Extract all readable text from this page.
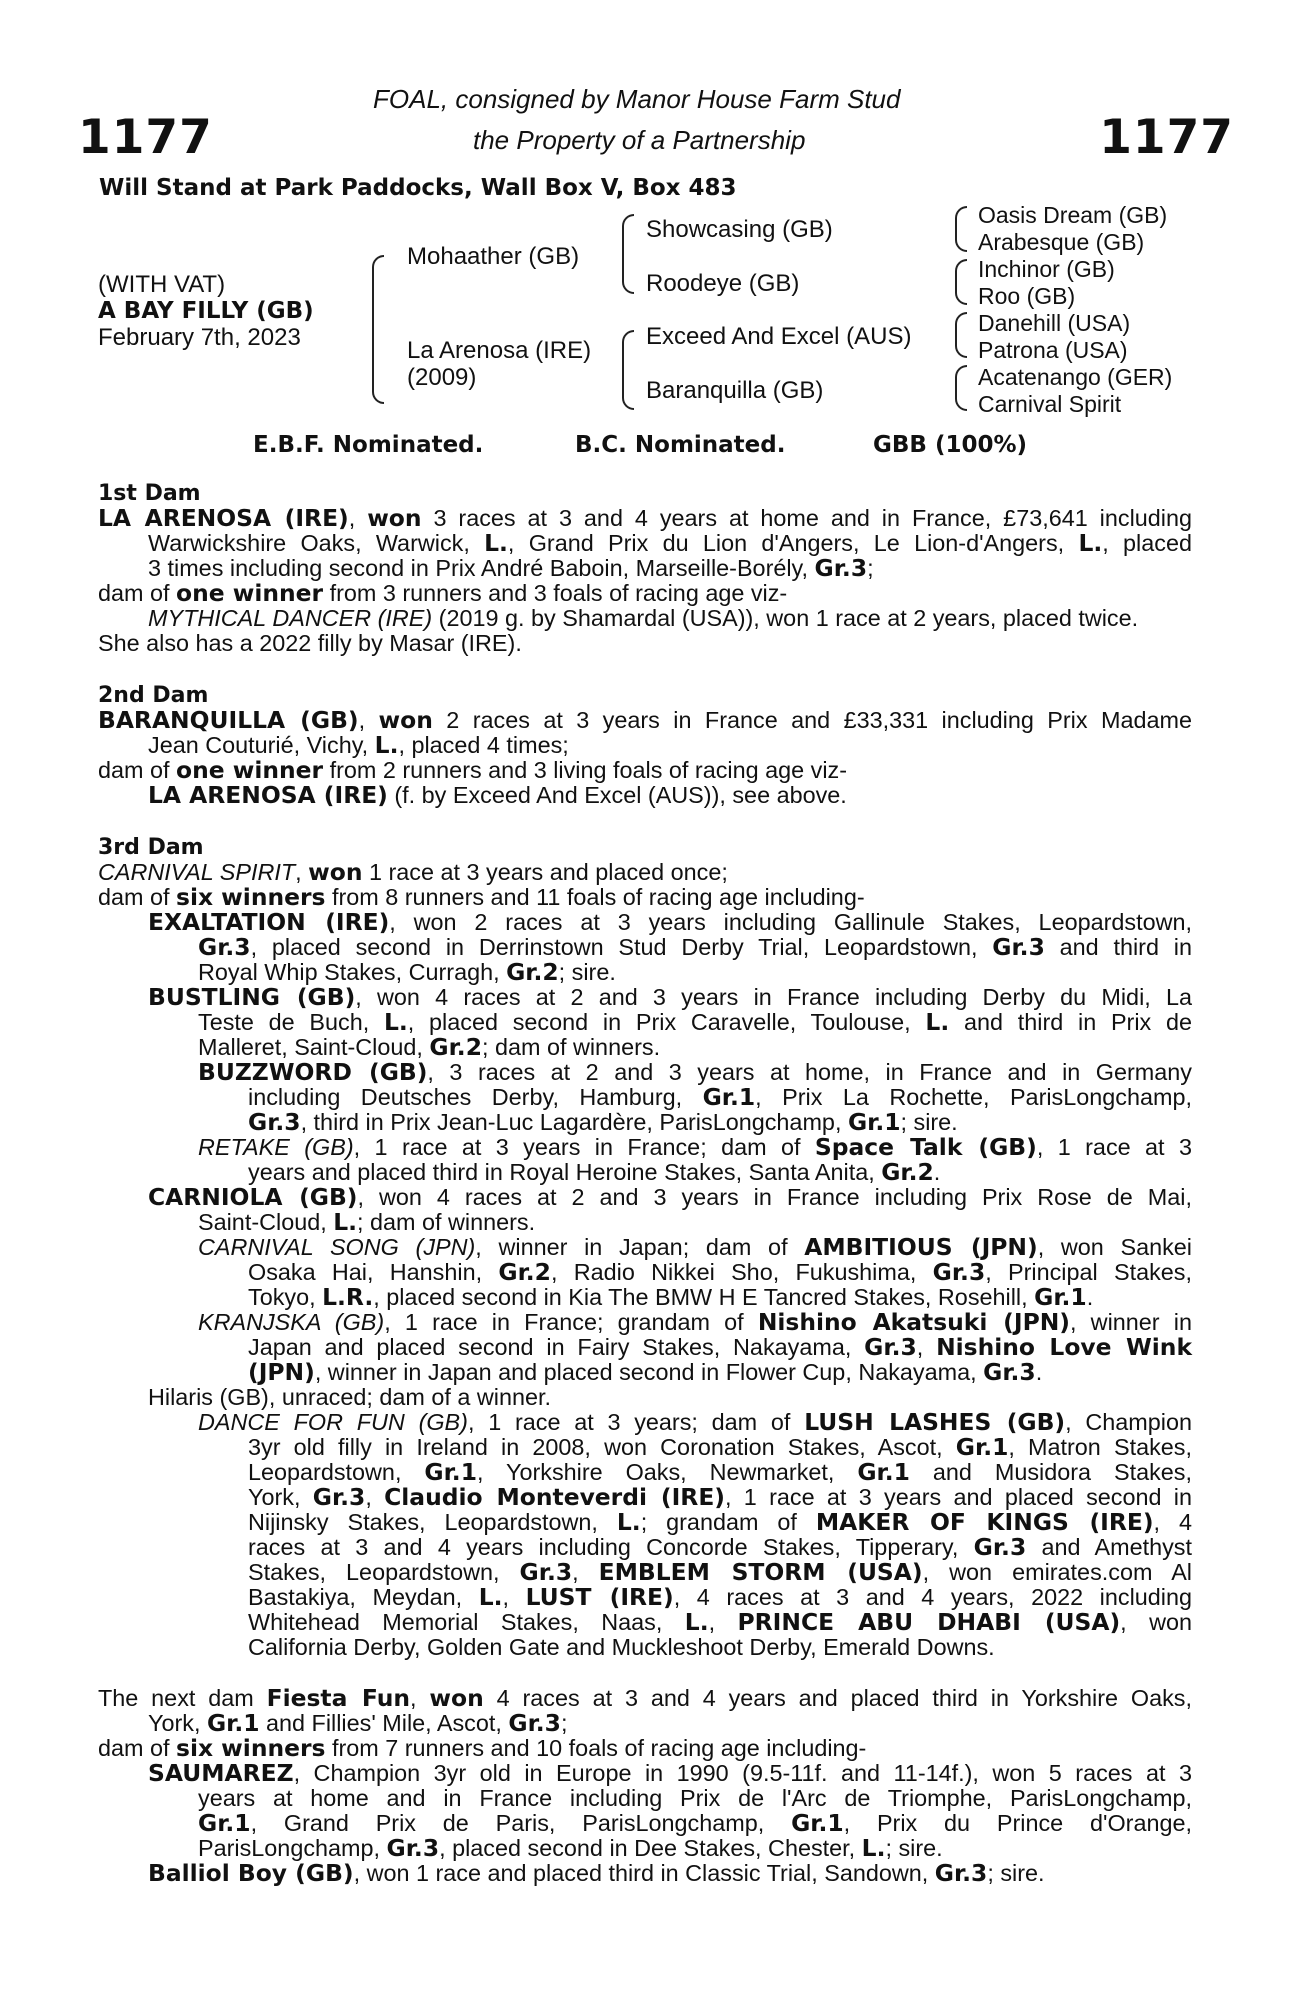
1177	1177
FOAL, consigned by Manor House Farm Stud
the Property of a Partnership
Will Stand at Park Paddocks, Wall Box V, Box 483
(WITH VAT)
A BAY FILLY (GB)
February 7th, 2023
Mohaather (GB)
La Arenosa (IRE)
(2009)
Showcasing (GB)
Roodeye (GB)
Exceed And Excel (AUS)
Baranquilla (GB)
Oasis Dream (GB)
Arabesque (GB)
Inchinor (GB)
Roo (GB)
Danehill (USA)
Patrona (USA)
Acatenango (GER)
Carnival Spirit
E.B.F. Nominated.	B.C. Nominated.	GBB (100%)
1st Dam
LA ARENOSA (IRE), won 3 races at 3 and 4 years at home and in France, £73,641 including
Warwickshire Oaks, Warwick, L., Grand Prix du Lion d'Angers, Le Lion-d'Angers, L., placed
3 times including second in Prix André Baboin, Marseille-Borély, Gr.3;
dam of one winner from 3 runners and 3 foals of racing age viz-
MYTHICAL DANCER (IRE) (2019 g. by Shamardal (USA)), won 1 race at 2 years, placed twice.
She also has a 2022 filly by Masar (IRE).
2nd Dam
BARANQUILLA (GB), won 2 races at 3 years in France and £33,331 including Prix Madame
Jean Couturié, Vichy, L., placed 4 times;
dam of one winner from 2 runners and 3 living foals of racing age viz-
LA ARENOSA (IRE) (f. by Exceed And Excel (AUS)), see above.
3rd Dam
CARNIVAL SPIRIT, won 1 race at 3 years and placed once;
dam of six winners from 8 runners and 11 foals of racing age including-
EXALTATION (IRE), won 2 races at 3 years including Gallinule Stakes, Leopardstown,
Gr.3, placed second in Derrinstown Stud Derby Trial, Leopardstown, Gr.3 and third in
Royal Whip Stakes, Curragh, Gr.2; sire.
BUSTLING (GB), won 4 races at 2 and 3 years in France including Derby du Midi, La
Teste de Buch, L., placed second in Prix Caravelle, Toulouse, L. and third in Prix de
Malleret, Saint-Cloud, Gr.2; dam of winners.
BUZZWORD (GB), 3 races at 2 and 3 years at home, in France and in Germany
including Deutsches Derby, Hamburg, Gr.1, Prix La Rochette, ParisLongchamp,
Gr.3, third in Prix Jean-Luc Lagardère, ParisLongchamp, Gr.1; sire.
RETAKE (GB), 1 race at 3 years in France; dam of Space Talk (GB), 1 race at 3
years and placed third in Royal Heroine Stakes, Santa Anita, Gr.2.
CARNIOLA (GB), won 4 races at 2 and 3 years in France including Prix Rose de Mai,
Saint-Cloud, L.; dam of winners.
CARNIVAL SONG (JPN), winner in Japan; dam of AMBITIOUS (JPN), won Sankei
Osaka Hai, Hanshin, Gr.2, Radio Nikkei Sho, Fukushima, Gr.3, Principal Stakes,
Tokyo, L.R., placed second in Kia The BMW H E Tancred Stakes, Rosehill, Gr.1.
KRANJSKA (GB), 1 race in France; grandam of Nishino Akatsuki (JPN), winner in
Japan and placed second in Fairy Stakes, Nakayama, Gr.3, Nishino Love Wink
(JPN), winner in Japan and placed second in Flower Cup, Nakayama, Gr.3.
Hilaris (GB), unraced; dam of a winner.
DANCE FOR FUN (GB), 1 race at 3 years; dam of LUSH LASHES (GB), Champion
3yr old filly in Ireland in 2008, won Coronation Stakes, Ascot, Gr.1, Matron Stakes,
Leopardstown, Gr.1, Yorkshire Oaks, Newmarket, Gr.1 and Musidora Stakes,
York, Gr.3, Claudio Monteverdi (IRE), 1 race at 3 years and placed second in
Nijinsky Stakes, Leopardstown, L.; grandam of MAKER OF KINGS (IRE), 4
races at 3 and 4 years including Concorde Stakes, Tipperary, Gr.3 and Amethyst
Stakes, Leopardstown, Gr.3, EMBLEM STORM (USA), won emirates.com Al
Bastakiya, Meydan, L., LUST (IRE), 4 races at 3 and 4 years, 2022 including
Whitehead Memorial Stakes, Naas, L., PRINCE ABU DHABI (USA), won
California Derby, Golden Gate and Muckleshoot Derby, Emerald Downs.
The next dam Fiesta Fun, won 4 races at 3 and 4 years and placed third in Yorkshire Oaks,
York, Gr.1 and Fillies' Mile, Ascot, Gr.3;
dam of six winners from 7 runners and 10 foals of racing age including-
SAUMAREZ, Champion 3yr old in Europe in 1990 (9.5-11f. and 11-14f.), won 5 races at 3
years at home and in France including Prix de l'Arc de Triomphe, ParisLongchamp,
Gr.1, Grand Prix de Paris, ParisLongchamp, Gr.1, Prix du Prince d'Orange,
ParisLongchamp, Gr.3, placed second in Dee Stakes, Chester, L.; sire.
Balliol Boy (GB), won 1 race and placed third in Classic Trial, Sandown, Gr.3; sire.
